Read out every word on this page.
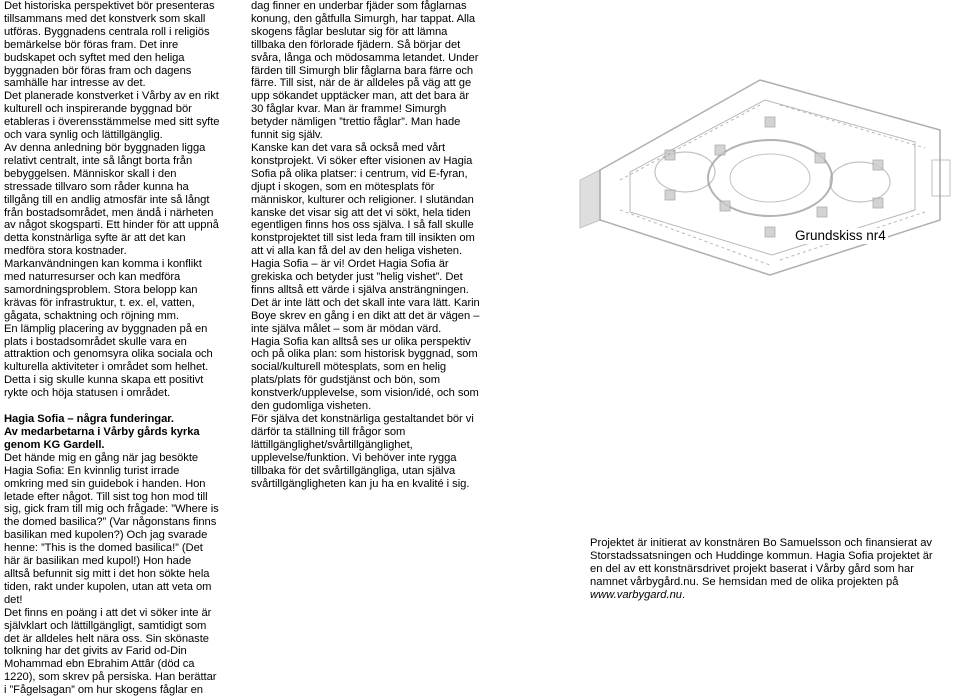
Det historiska perspektivet bör presenteras tillsammans med det konstverk som skall utföras. Byggnadens centrala roll i religiös bemärkelse bör föras fram. Det inre budskapet och syftet med den heliga byggnaden bör föras fram och dagens samhälle har intresse av det.
Det planerade konstverket i Vårby av en rikt kulturell och inspirerande byggnad bör etableras i överensstämmelse med sitt syfte och vara synlig och lättillgänglig.
Av denna anledning bör byggnaden ligga relativt centralt, inte så långt borta från bebyggelsen. Människor skall i den stressade tillvaro som råder kunna ha tillgång till en andlig atmosfär inte så långt från bostadsområdet, men ändå i närheten av något skogsparti. Ett hinder för att uppnå detta konstnärliga syfte är att det kan medföra stora kostnader.
Markanvändningen kan komma i konflikt med naturresurser och kan medföra samordningsproblem. Stora belopp kan krävas för infrastruktur, t. ex. el, vatten, gågata, schaktning och röjning mm.
En lämplig placering av byggnaden på en plats i bostadsområdet skulle vara en attraktion och genomsyra olika sociala och kulturella aktiviteter i området som helhet. Detta i sig skulle kunna skapa ett positivt rykte och höja statusen i området.

Hagia Sofia – några funderingar.
Av medarbetarna i Vårby gårds kyrka genom KG Gardell.

Det hände mig en gång när jag besökte Hagia Sofia: En kvinnlig turist irrade omkring med sin guidebok i handen. Hon letade efter något. Till sist tog hon mod till sig, gick fram till mig och frågade: ”Where is the domed basilica?” (Var någonstans finns basilikan med kupolen?) Och jag svarade henne: ”This is the domed basilica!” (Det här är basilikan med kupol!) Hon hade alltså befunnit sig mitt i det hon sökte hela tiden, rakt under kupolen, utan att veta om det!
Det finns en poäng i att det vi söker inte är självklart och lättillgängligt, samtidigt som det är alldeles helt nära oss. Sin skönaste tolkning har det givits av Farid od-Din Mohammad ebn Ebrahim Attâr (död ca 1220), som skrev på persiska. Han berättar i ”Fågelsagan” om hur skogens fåglar en

dag finner en underbar fjäder som fåglarnas konung, den gåtfulla Simurgh, har tappat. Alla skogens fåglar beslutar sig för att lämna tillbaka den förlorade fjädern. Så börjar det svåra, långa och mödosamma letandet. Under färden till Simurgh blir fåglarna bara färre och färre. Till sist, när de är alldeles på väg att ge upp sökandet upptäcker man, att det bara är 30 fåglar kvar. Man är framme! Simurgh betyder nämligen ”trettio fåglar”. Man hade funnit sig själv.
Kanske kan det vara så också med vårt konstprojekt. Vi söker efter visionen av Hagia Sofia på olika platser: i centrum, vid E-fyran, djupt i skogen, som en mötesplats för människor, kulturer och religioner. I slutändan kanske det visar sig att det vi sökt, hela tiden egentligen finns hos oss själva. I så fall skulle konstprojektet till sist leda fram till insikten om att vi alla kan få del av den heliga visheten. Hagia Sofia – är vi! Ordet Hagia Sofia är grekiska och betyder just ”helig vishet”. Det finns alltså ett värde i själva ansträngningen. Det är inte lätt och det skall inte vara lätt. Karin Boye skrev en gång i en dikt att det är vägen – inte själva målet – som är mödan värd.
Hagia Sofia kan alltså ses ur olika perspektiv och på olika plan: som historisk byggnad, som social/kulturell mötesplats, som en helig plats/plats för gudstjänst och bön, som konstverk/upplevelse, som vision/idé, och som den gudomliga visheten.
För själva det konstnärliga gestaltandet bör vi därför ta ställning till frågor som lättillgänglighet/svårtillgänglighet, upplevelse/funktion. Vi behöver inte rygga tillbaka för det svårtillgängliga, utan själva svårtillgängligheten kan ju ha en kvalité i sig.

Grundskiss nr4
Projektet är initierat av konstnären Bo Samuelsson och finansierat av Storstadssatsningen och Huddinge kommun. Hagia Sofia projektet är en del av ett konstnärsdrivet projekt baserat i Vårby gård som har namnet vårbygård.nu. Se hemsidan med de olika projekten på www.varbygard.nu.
